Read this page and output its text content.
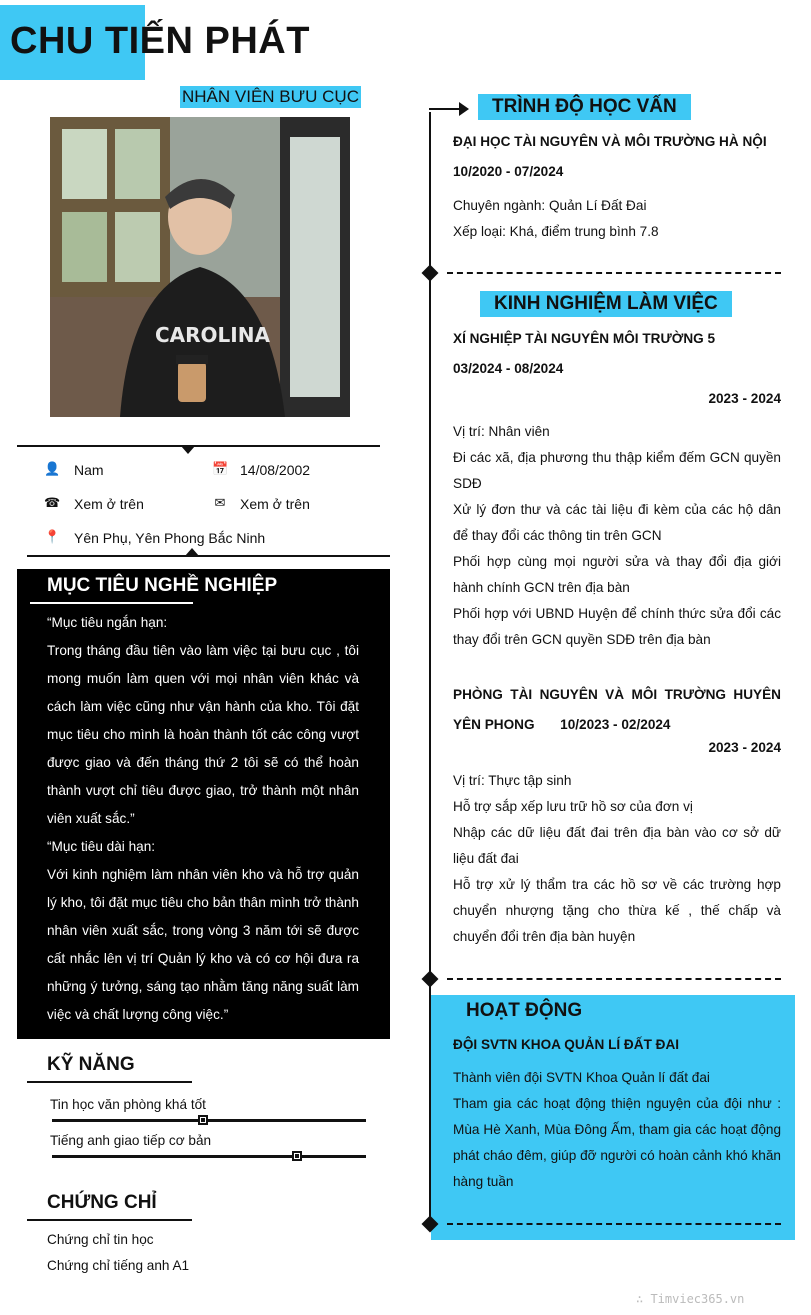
CHU TIẾN PHÁT
NHÂN VIÊN BƯU CỤC
CAROLINA
👤 Nam	📅 14/08/2002
☎ Xem ở trên	✉ Xem ở trên
📍 Yên Phụ, Yên Phong Bắc Ninh
MỤC TIÊU NGHỀ NGHIỆP
“Mục tiêu ngắn hạn:
Trong tháng đầu tiên vào làm việc tại bưu cục , tôi mong muốn làm quen với mọi nhân viên khác và cách làm việc cũng như vận hành của kho. Tôi đặt mục tiêu cho mình là hoàn thành tốt các công vượt được giao và đến tháng thứ 2 tôi sẽ có thể hoàn thành vượt chỉ tiêu được giao, trở thành một nhân viên xuất sắc.”
“Mục tiêu dài hạn:
Với kinh nghiệm làm nhân viên kho và hỗ trợ quản lý kho, tôi đặt mục tiêu cho bản thân mình trở thành nhân viên xuất sắc, trong vòng 3 năm tới sẽ được cất nhắc lên vị trí Quản lý kho và có cơ hội đưa ra những ý tưởng, sáng tạo nhằm tăng năng suất làm việc và chất lượng công việc.”
KỸ NĂNG
Tin học văn phòng khá tốt
Tiếng anh giao tiếp cơ bản
CHỨNG CHỈ
Chứng chỉ tin học
Chứng chỉ tiếng anh A1
TRÌNH ĐỘ HỌC VẤN
ĐẠI HỌC TÀI NGUYÊN VÀ MÔI TRƯỜNG HÀ NỘI
10/2020 - 07/2024
Chuyên ngành: Quản Lí Đất Đai
Xếp loại: Khá, điểm trung bình 7.8
KINH NGHIỆM LÀM VIỆC
XÍ NGHIỆP TÀI NGUYÊN MÔI TRƯỜNG 5
03/2024 - 08/2024
2023 - 2024
Vị trí: Nhân viên
Đi các xã, địa phương thu thập kiểm đếm GCN quyền SDĐ
Xử lý đơn thư và các tài liệu đi kèm của các hộ dân để thay đổi các thông tin trên GCN
Phối hợp cùng mọi người sửa và thay đổi địa giới hành chính GCN trên địa bàn
Phối hợp với UBND Huyện để chính thức sửa đổi các thay đổi trên GCN quyền SDĐ trên địa bàn
PHÒNG TÀI NGUYÊN VÀ MÔI TRƯỜNG HUYÊN YÊN PHONG 10/2023 - 02/2024
2023 - 2024
Vị trí: Thực tập sinh
Hỗ trợ sắp xếp lưu trữ hồ sơ của đơn vị
Nhập các dữ liệu đất đai trên địa bàn vào cơ sở dữ liệu đất đai
Hỗ trợ xử lý thẩm tra các hồ sơ về các trường hợp chuyển nhượng tặng cho thừa kế , thế chấp và chuyển đổi trên địa bàn huyện
HOẠT ĐỘNG
ĐỘI SVTN KHOA QUẢN LÍ ĐẤT ĐAI
Thành viên đội SVTN Khoa Quản lí đất đai
Tham gia các hoạt động thiện nguyện của đội như : Mùa Hè Xanh, Mùa Đông Ấm, tham gia các hoạt động phát cháo đêm, giúp đỡ người có hoàn cảnh khó khăn hàng tuần
∴ Timviec365.vn
